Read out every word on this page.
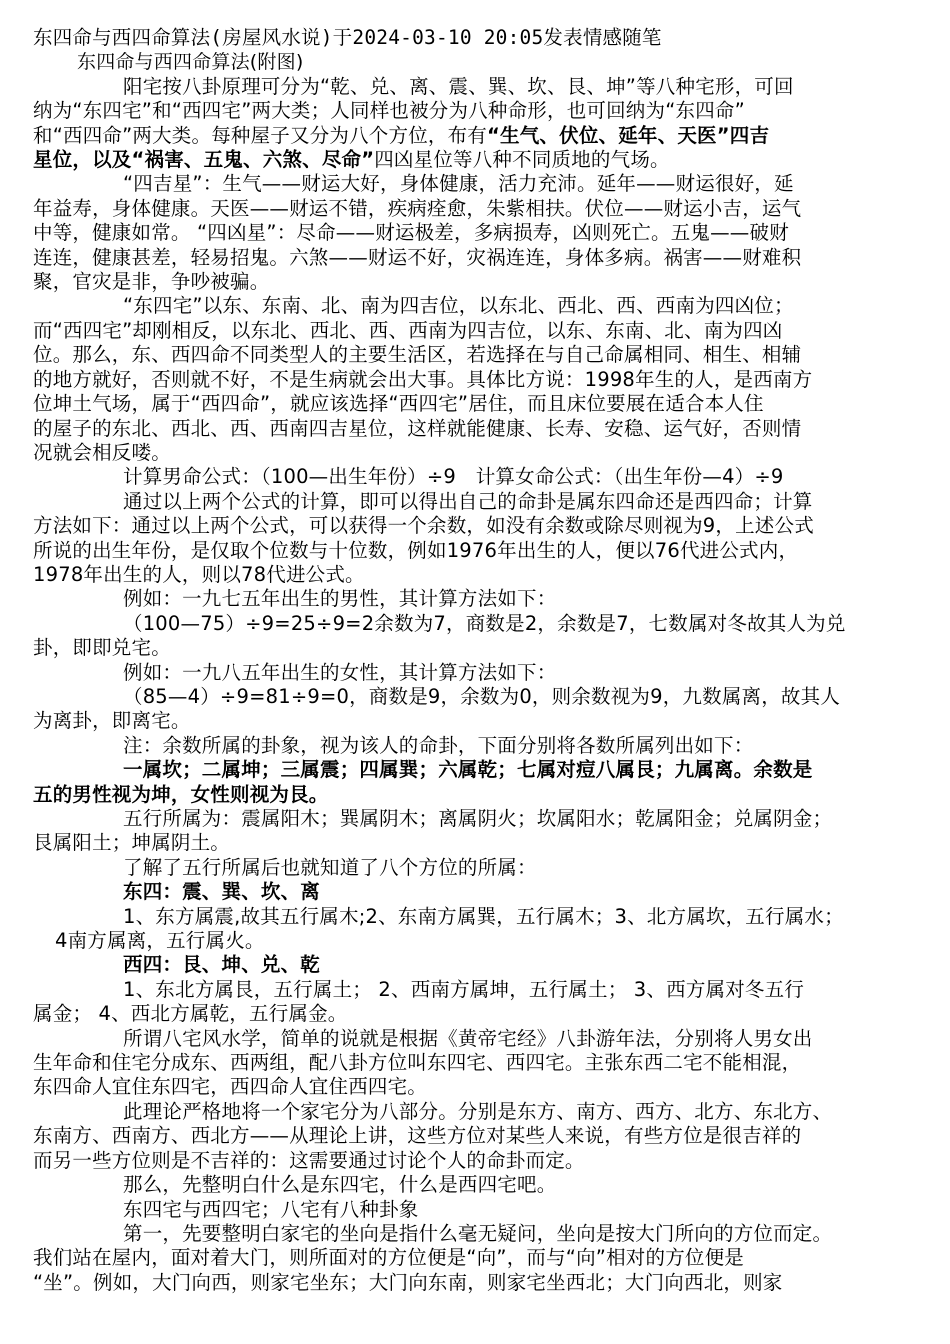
东四命与西四命算法(房屋风水说)于2024-03-10 20:05发表情感随笔
东四命与西四命算法(附图)
阳宅按八卦原理可分为“乾、兑、离、震、巽、坎、艮、坤”等八种宅形，可回
纳为“东四宅”和“西四宅”两大类；人同样也被分为八种命形，也可回纳为“东四命”
和“西四命”两大类。每种屋子又分为八个方位，布有“生气、伏位、延年、天医”四吉
星位，以及“祸害、五鬼、六煞、尽命”四凶星位等八种不同质地的气场。
“四吉星”：生气——财运大好，身体健康，活力充沛。延年——财运很好，延
年益寿，身体健康。天医——财运不错，疾病痊愈，朱紫相扶。伏位——财运小吉，运气
中等，健康如常。 “四凶星”：尽命——财运极差，多病损寿，凶则死亡。五鬼——破财
连连，健康甚差，轻易招鬼。六煞——财运不好，灾祸连连，身体多病。祸害——财难积
聚，官灾是非，争吵被骗。
“东四宅”以东、东南、北、南为四吉位，以东北、西北、西、西南为四凶位；
而“西四宅”却刚相反，以东北、西北、西、西南为四吉位，以东、东南、北、南为四凶
位。那么，东、西四命不同类型人的主要生活区，若选择在与自己命属相同、相生、相辅
的地方就好，否则就不好，不是生病就会出大事。具体比方说：1998年生的人，是西南方
位坤土气场，属于“西四命”，就应该选择“西四宅”居住，而且床位要展在适合本人住
的屋子的东北、西北、西、西南四吉星位，这样就能健康、长寿、安稳、运气好，否则情
况就会相反喽。
计算男命公式：（100—出生年份）÷9　计算女命公式：（出生年份—4）÷9
通过以上两个公式的计算，即可以得出自己的命卦是属东四命还是西四命；计算
方法如下：通过以上两个公式，可以获得一个余数，如没有余数或除尽则视为9，上述公式
所说的出生年份，是仅取个位数与十位数，例如1976年出生的人，便以76代进公式内，
1978年出生的人，则以78代进公式。
例如：一九七五年出生的男性，其计算方法如下：
（100—75）÷9=25÷9=2余数为7，商数是2，余数是7，七数属对冬故其人为兑
卦，即即兑宅。
例如：一九八五年出生的女性，其计算方法如下：
（85—4）÷9=81÷9=0，商数是9，余数为0，则余数视为9，九数属离，故其人
为离卦，即离宅。
注：余数所属的卦象，视为该人的命卦，下面分别将各数所属列出如下：
一属坎；二属坤；三属震；四属巽；六属乾；七属对痘八属艮；九属离。余数是
五的男性视为坤，女性则视为艮。
五行所属为：震属阳木；巽属阴木；离属阴火；坎属阳水；乾属阳金；兑属阴金；
艮属阳土；坤属阴土。
了解了五行所属后也就知道了八个方位的所属：
东四：震、巽、坎、离
1、东方属震,故其五行属木;2、东南方属巽，五行属木；3、北方属坎，五行属水；
4南方属离，五行属火。
西四：艮、坤、兑、乾
1、东北方属艮，五行属土； 2、西南方属坤，五行属土； 3、西方属对冬五行
属金； 4、西北方属乾，五行属金。
所谓八宅风水学，简单的说就是根据《黄帝宅经》八卦游年法，分别将人男女出
生年命和住宅分成东、西两组，配八卦方位叫东四宅、西四宅。主张东西二宅不能相混，
东四命人宜住东四宅，西四命人宜住西四宅。
此理论严格地将一个家宅分为八部分。分别是东方、南方、西方、北方、东北方、
东南方、西南方、西北方——从理论上讲，这些方位对某些人来说，有些方位是很吉祥的
而另一些方位则是不吉祥的：这需要通过讨论个人的命卦而定。
那么，先整明白什么是东四宅，什么是西四宅吧。
东四宅与西四宅；八宅有八种卦象
第一，先要整明白家宅的坐向是指什么毫无疑问，坐向是按大门所向的方位而定。
我们站在屋内，面对着大门，则所面对的方位便是“向”，而与“向”相对的方位便是
“坐”。例如，大门向西，则家宅坐东；大门向东南，则家宅坐西北；大门向西北，则家
